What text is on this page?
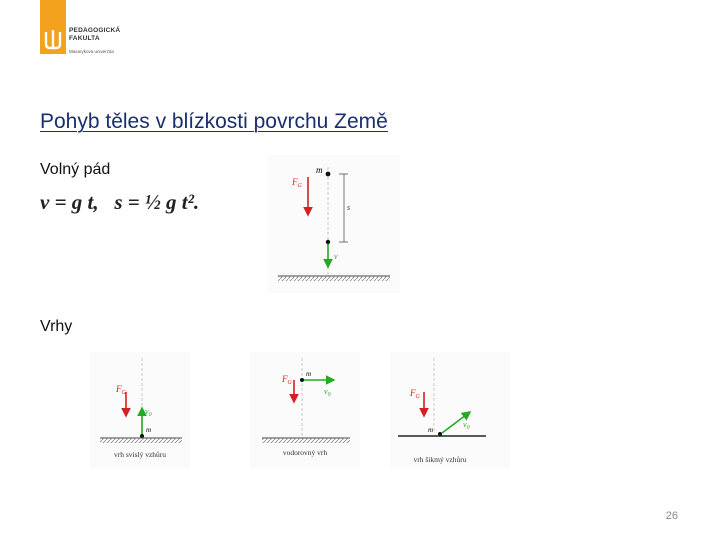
PEDAGOGICKÁ
FAKULTA
Masarykova univerzita
Pohyb těles v blízkosti povrchu Země
Volný pád
v = g t,   s = ½ g t².
m
$F_G$
s
v
Vrhy
$F_G$
$v_0$
m
vrh svislý vzhůru
$F_G$
m
$v_0$
vodorovný vrh
$F_G$
m
$v_0$
vrh šikmý vzhůru
26
